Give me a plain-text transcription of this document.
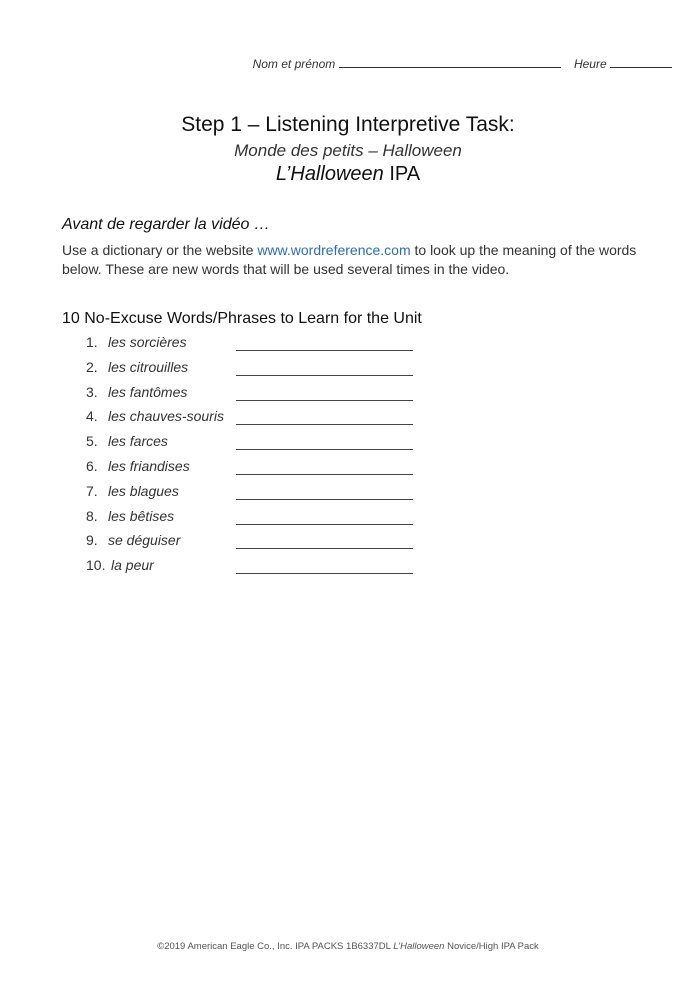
Nom et prénom	Heure
Step 1 – Listening Interpretive Task:
Monde des petits – Halloween
L’Halloween IPA
Avant de regarder la vidéo …
Use a dictionary or the website www.wordreference.com to look up the meaning of the words below. These are new words that will be used several times in the video.
10 No-Excuse Words/Phrases to Learn for the Unit
1. les sorcières
2. les citrouilles
3. les fantômes
4. les chauves-souris
5. les farces
6. les friandises
7. les blagues
8. les bêtises
9. se déguiser
10. la peur
©2019 American Eagle Co., Inc. IPA PACKS 1B6337DL L’Halloween Novice/High IPA Pack
